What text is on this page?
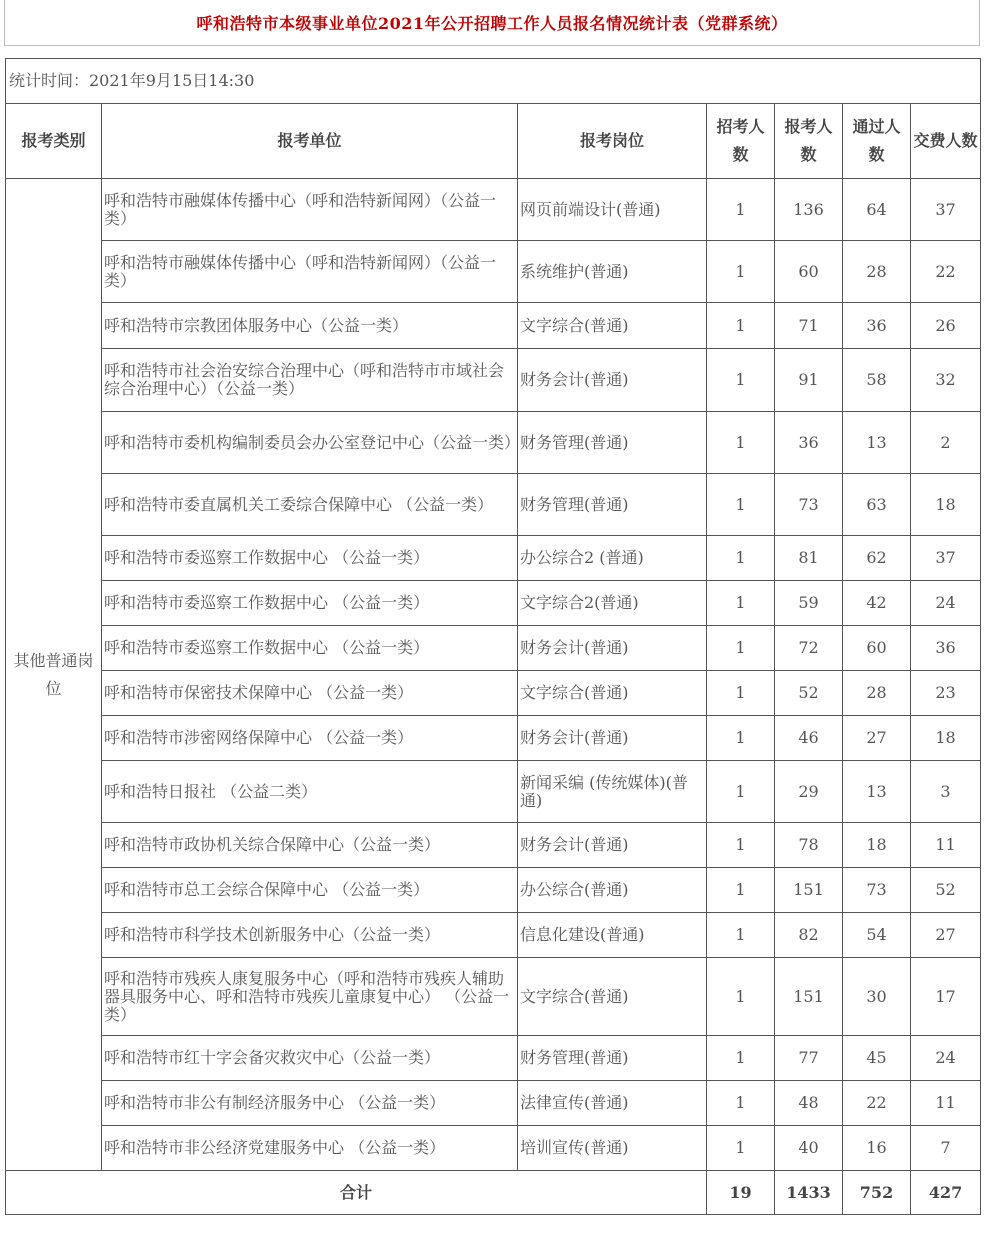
呼和浩特市本级事业单位2021年公开招聘工作人员报名情况统计表（党群系统）
统计时间：2021年9月15日14:30						
报考类别	报考单位	报考岗位	招考人数	报考人数	通过人数	交费人数
其他普通岗位	呼和浩特市融媒体传播中心（呼和浩特新闻网）（公益一类）	网页前端设计(普通)	1	136	64	37
	呼和浩特市融媒体传播中心（呼和浩特新闻网）（公益一类）	系统维护(普通)	1	60	28	22
	呼和浩特市宗教团体服务中心（公益一类）	文字综合(普通)	1	71	36	26
	呼和浩特市社会治安综合治理中心（呼和浩特市市域社会综合治理中心）（公益一类）	财务会计(普通)	1	91	58	32
	呼和浩特市委机构编制委员会办公室登记中心（公益一类）	财务管理(普通)	1	36	13	2
	呼和浩特市委直属机关工委综合保障中心 （公益一类）	财务管理(普通)	1	73	63	18
	呼和浩特市委巡察工作数据中心 （公益一类）	办公综合2 (普通)	1	81	62	37
	呼和浩特市委巡察工作数据中心 （公益一类）	文字综合2(普通)	1	59	42	24
	呼和浩特市委巡察工作数据中心 （公益一类）	财务会计(普通)	1	72	60	36
	呼和浩特市保密技术保障中心 （公益一类）	文字综合(普通)	1	52	28	23
	呼和浩特市涉密网络保障中心 （公益一类）	财务会计(普通)	1	46	27	18
	呼和浩特日报社 （公益二类）	新闻采编 (传统媒体)(普通)	1	29	13	3
	呼和浩特市政协机关综合保障中心（公益一类）	财务会计(普通)	1	78	18	11
	呼和浩特市总工会综合保障中心 （公益一类）	办公综合(普通)	1	151	73	52
	呼和浩特市科学技术创新服务中心（公益一类）	信息化建设(普通)	1	82	54	27
	呼和浩特市残疾人康复服务中心（呼和浩特市残疾人辅助器具服务中心、呼和浩特市残疾儿童康复中心） （公益一类）	文字综合(普通)	1	151	30	17
	呼和浩特市红十字会备灾救灾中心（公益一类）	财务管理(普通)	1	77	45	24
	呼和浩特市非公有制经济服务中心 （公益一类）	法律宣传(普通)	1	48	22	11
	呼和浩特市非公经济党建服务中心 （公益一类）	培训宣传(普通)	1	40	16	7
合计			19	1433	752	427
